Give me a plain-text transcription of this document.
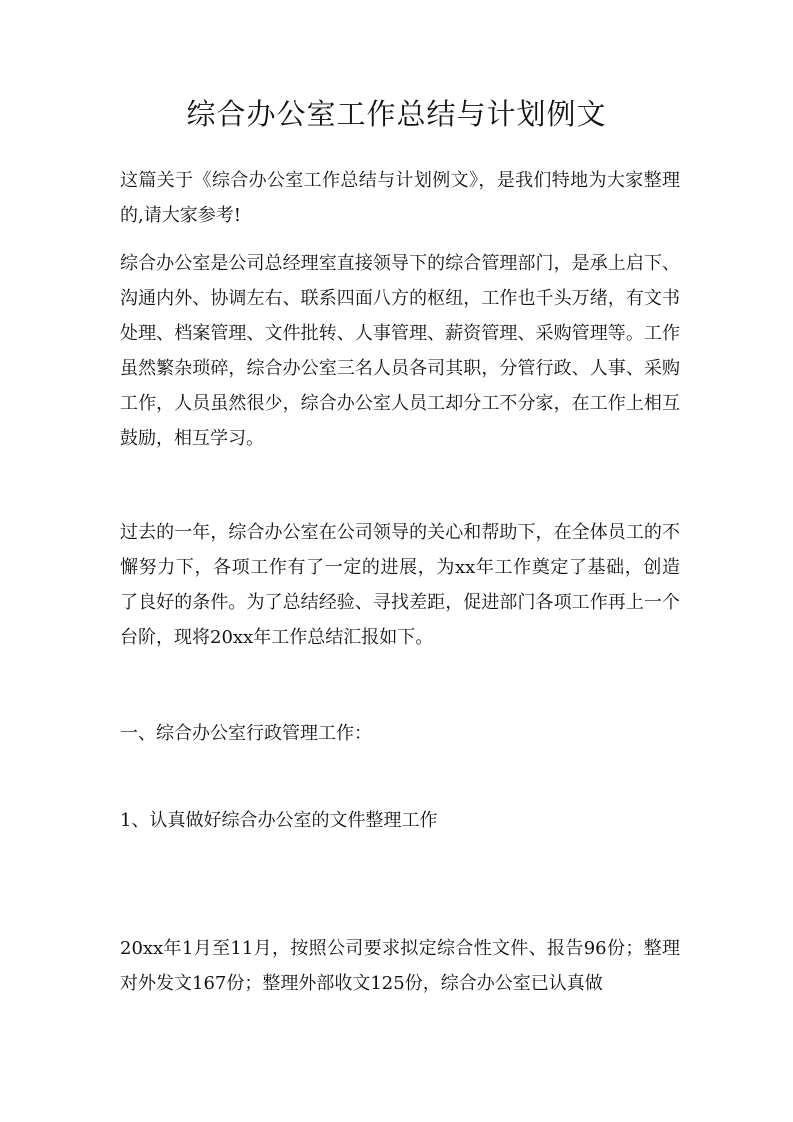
综合办公室工作总结与计划例文

这篇关于《综合办公室工作总结与计划例文》，是我们特地为大家整理的,请大家参考!

综合办公室是公司总经理室直接领导下的综合管理部门，是承上启下、沟通内外、协调左右、联系四面八方的枢纽，工作也千头万绪，有文书处理、档案管理、文件批转、人事管理、薪资管理、采购管理等。工作虽然繁杂琐碎，综合办公室三名人员各司其职，分管行政、人事、采购工作，人员虽然很少，综合办公室人员工却分工不分家，在工作上相互鼓励，相互学习。

过去的一年，综合办公室在公司领导的关心和帮助下，在全体员工的不懈努力下，各项工作有了一定的进展，为xx年工作奠定了基础，创造了良好的条件。为了总结经验、寻找差距，促进部门各项工作再上一个台阶，现将20xx年工作总结汇报如下。

一、综合办公室行政管理工作：

1、认真做好综合办公室的文件整理工作

20xx年1月至11月，按照公司要求拟定综合性文件、报告96份；整理对外发文167份；整理外部收文125份，综合办公室已认真做
